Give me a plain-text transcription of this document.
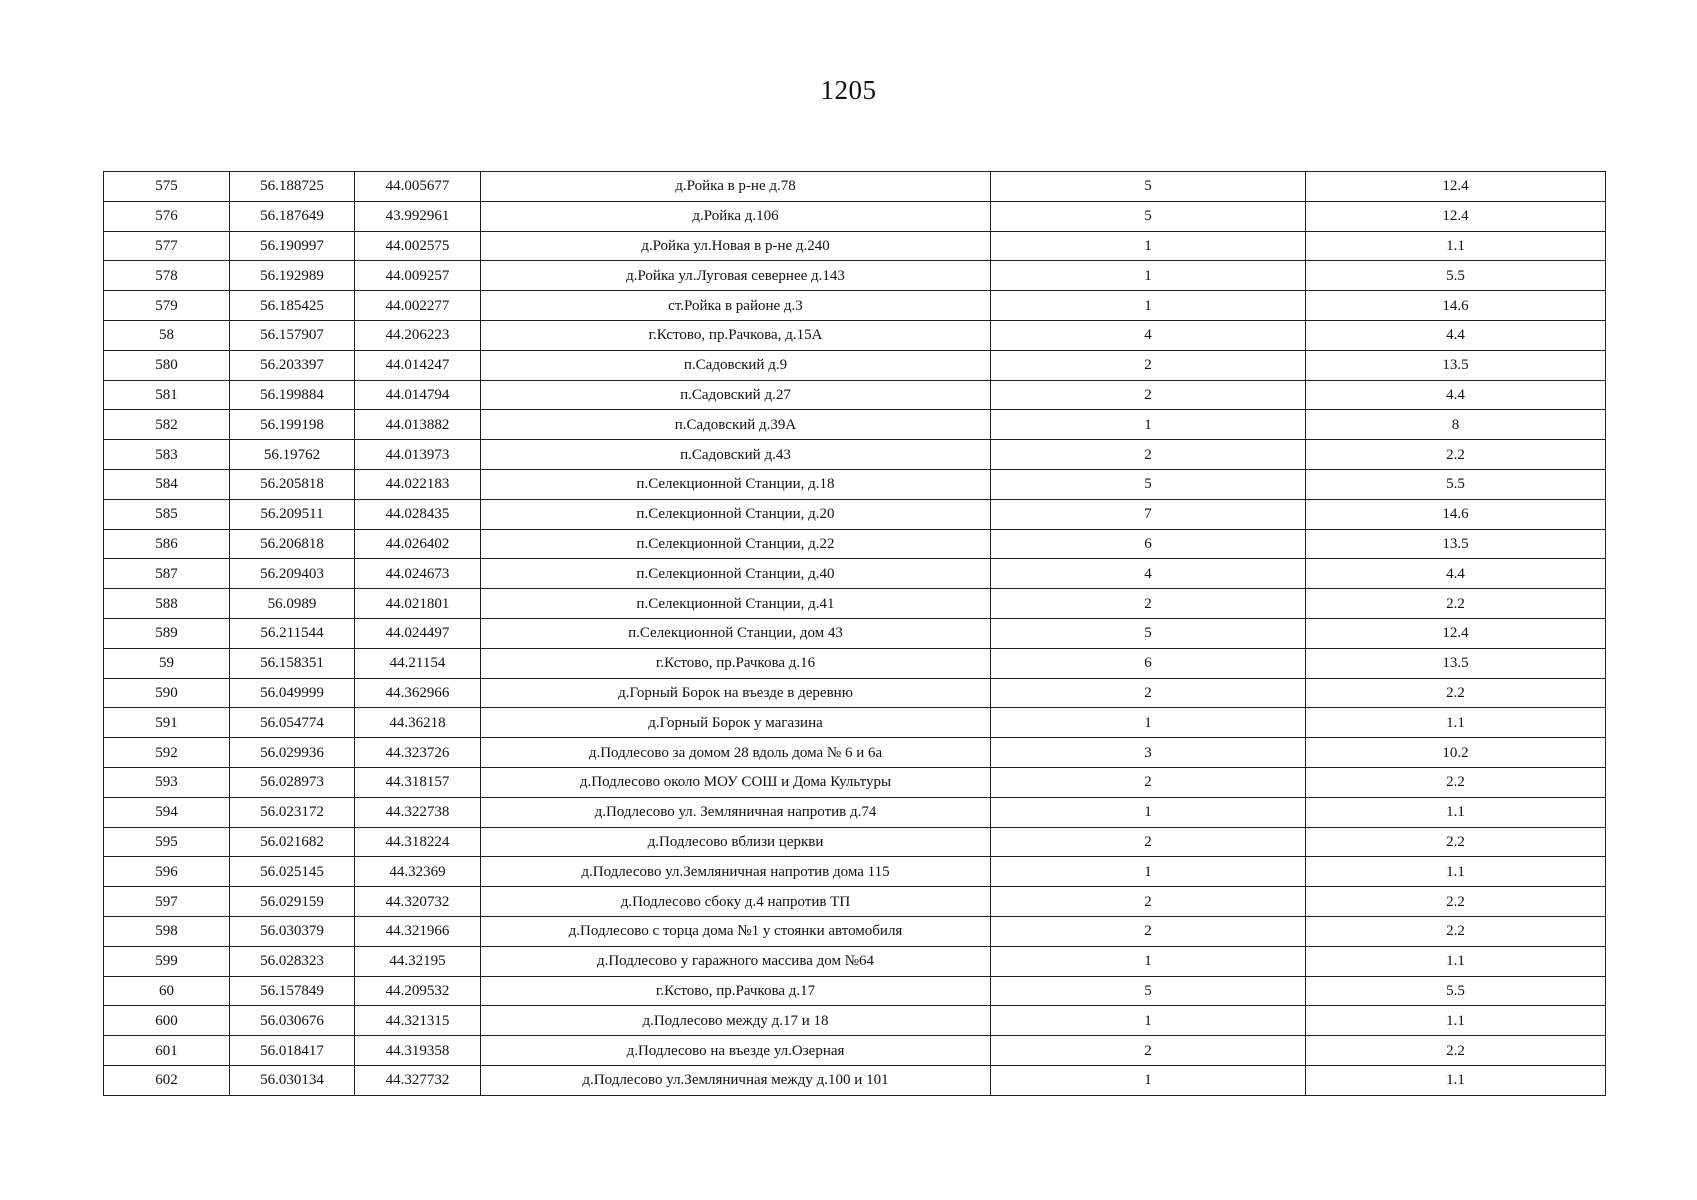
1205
575	56.188725	44.005677	д.Ройка в р-не д.78	5	12.4
576	56.187649	43.992961	д.Ройка д.106	5	12.4
577	56.190997	44.002575	д.Ройка ул.Новая в р-не д.240	1	1.1
578	56.192989	44.009257	д.Ройка ул.Луговая севернее д.143	1	5.5
579	56.185425	44.002277	ст.Ройка в районе д.3	1	14.6
58	56.157907	44.206223	г.Кстово, пр.Рачкова, д.15А	4	4.4
580	56.203397	44.014247	п.Садовский д.9	2	13.5
581	56.199884	44.014794	п.Садовский д.27	2	4.4
582	56.199198	44.013882	п.Садовский д.39А	1	8
583	56.19762	44.013973	п.Садовский д.43	2	2.2
584	56.205818	44.022183	п.Селекционной Станции, д.18	5	5.5
585	56.209511	44.028435	п.Селекционной Станции, д.20	7	14.6
586	56.206818	44.026402	п.Селекционной Станции, д.22	6	13.5
587	56.209403	44.024673	п.Селекционной Станции, д.40	4	4.4
588	56.0989	44.021801	п.Селекционной Станции, д.41	2	2.2
589	56.211544	44.024497	п.Селекционной Станции, дом 43	5	12.4
59	56.158351	44.21154	г.Кстово, пр.Рачкова д.16	6	13.5
590	56.049999	44.362966	д.Горный Борок на въезде в деревню	2	2.2
591	56.054774	44.36218	д.Горный Борок у магазина	1	1.1
592	56.029936	44.323726	д.Подлесово за домом 28 вдоль дома № 6 и 6а	3	10.2
593	56.028973	44.318157	д.Подлесово около МОУ СОШ и Дома Культуры	2	2.2
594	56.023172	44.322738	д.Подлесово ул. Земляничная напротив д.74	1	1.1
595	56.021682	44.318224	д.Подлесово вблизи церкви	2	2.2
596	56.025145	44.32369	д.Подлесово ул.Земляничная напротив дома 115	1	1.1
597	56.029159	44.320732	д.Подлесово сбоку д.4 напротив ТП	2	2.2
598	56.030379	44.321966	д.Подлесово с торца дома №1 у стоянки автомобиля	2	2.2
599	56.028323	44.32195	д.Подлесово у гаражного массива дом №64	1	1.1
60	56.157849	44.209532	г.Кстово, пр.Рачкова д.17	5	5.5
600	56.030676	44.321315	д.Подлесово между д.17 и 18	1	1.1
601	56.018417	44.319358	д.Подлесово на въезде ул.Озерная	2	2.2
602	56.030134	44.327732	д.Подлесово ул.Земляничная между д.100 и 101	1	1.1
